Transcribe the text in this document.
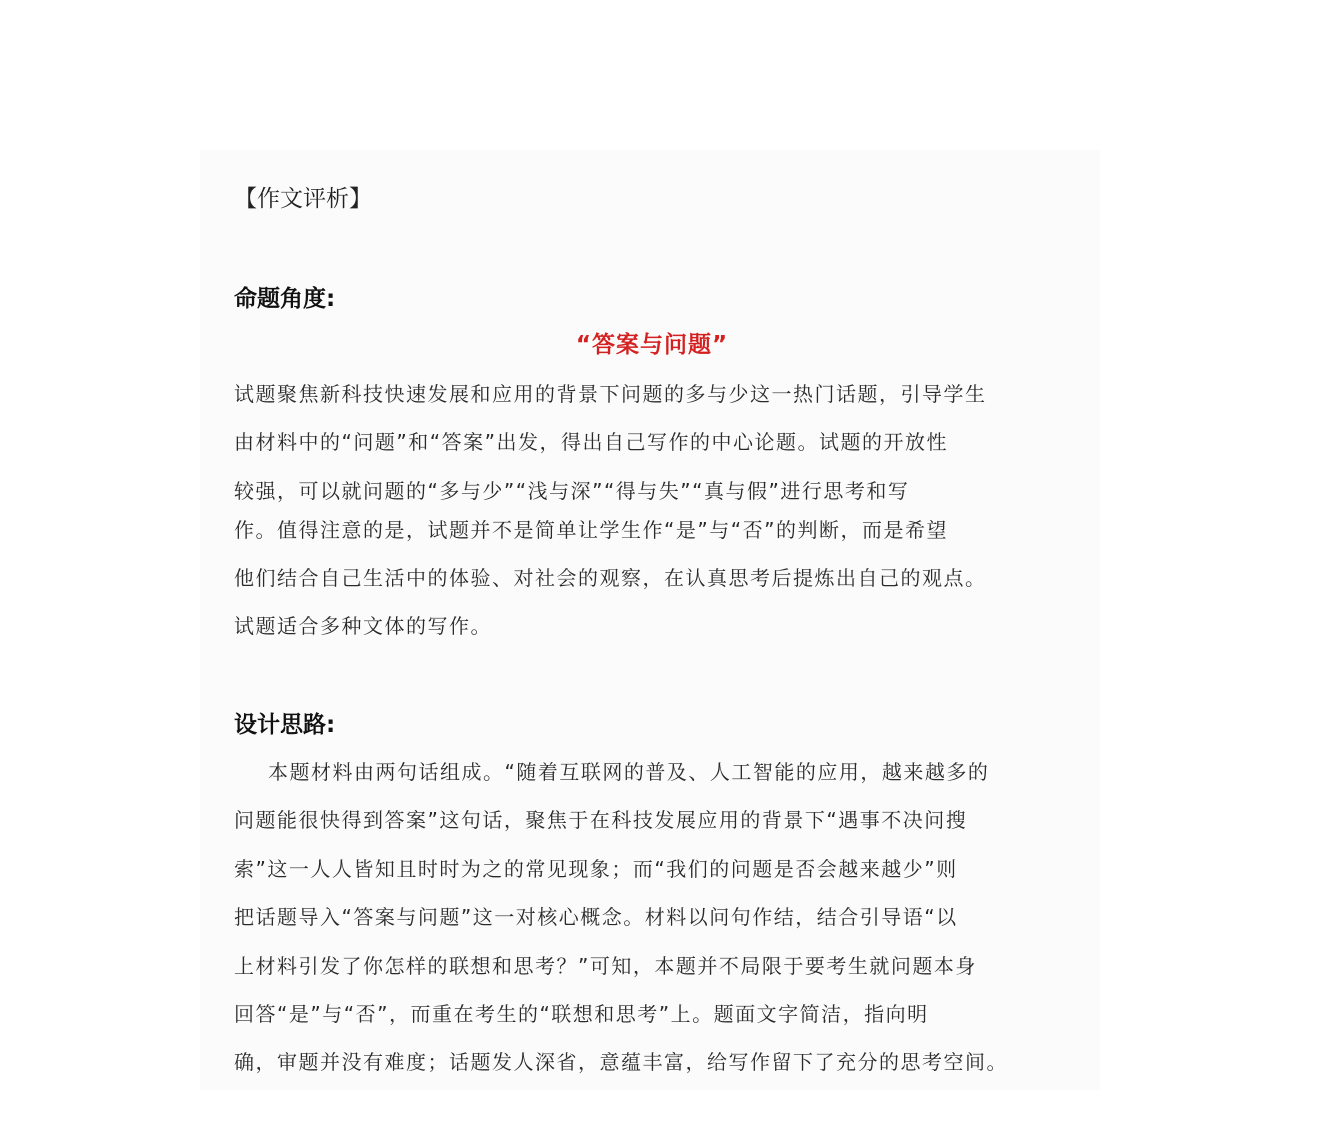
【作文评析】
命题角度:
“答案与问题”
试题聚焦新科技快速发展和应用的背景下问题的多与少这一热门话题，引导学生
由材料中的“问题”和“答案”出发，得出自己写作的中心论题。试题的开放性
较强，可以就问题的“多与少”“浅与深”“得与失”“真与假”进行思考和写
作。值得注意的是，试题并不是简单让学生作“是”与“否”的判断，而是希望
他们结合自己生活中的体验、对社会的观察，在认真思考后提炼出自己的观点。
试题适合多种文体的写作。
设计思路:
本题材料由两句话组成。“随着互联网的普及、人工智能的应用，越来越多的
问题能很快得到答案”这句话，聚焦于在科技发展应用的背景下“遇事不决问搜
索”这一人人皆知且时时为之的常见现象；而“我们的问题是否会越来越少”则
把话题导入“答案与问题”这一对核心概念。材料以问句作结，结合引导语“以
上材料引发了你怎样的联想和思考？”可知，本题并不局限于要考生就问题本身
回答“是”与“否”，而重在考生的“联想和思考”上。题面文字简洁，指向明
确，审题并没有难度；话题发人深省，意蕴丰富，给写作留下了充分的思考空间。
